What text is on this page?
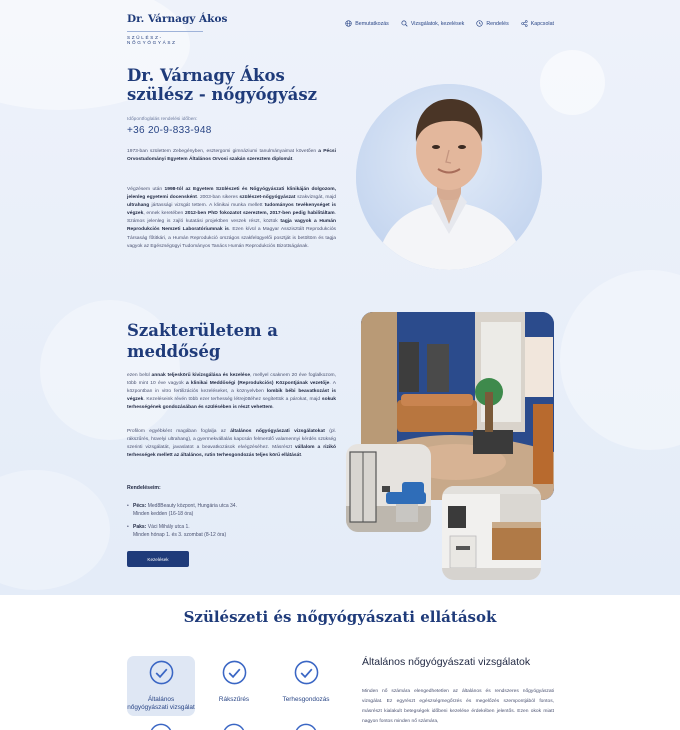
Dr. Várnagy Ákos
SZÜLÉSZ-NŐGYÓGYÁSZ
Bemutatkozás	Vizsgálatok, kezelések	Rendelés	Kapcsolat
Dr. Várnagy Ákos szülész - nőgyógyász
Időpontfoglalás rendelési időben:
+36 20-9-833-948

1973-ban születtem Zebegényben, esztergomi gimnáziumi tanulmányaimat követően a Pécsi Orvostudományi Egyetem Általános Orvosi szakán szereztem diplomát.

Végzésem után 1998-tól az Egyetem Szülészeti és Nőgyógyászati klinikáján dolgozom, jelenleg egyetemi docensként. 2003-ban sikeres szülészet-nőgyógyászat szakvizsgát, majd ultrahang jártassági vizsgát tettem. A klinikai munka mellett tudományos tevékenységet is végzek, ennek keretében 2012-ben PhD fokozatot szereztem, 2017-ben pedig habilitáltam. Számos jelenleg is zajló kutatási projektben veszek részt, köztük tagja vagyok a Humán Reprodukciós Nemzeti Laboratóriumnak is. Ezen kívül a Magyar Asszisztált Reprodukciós Társaság főtitkári, a Humán Reprodukció országos szakfelügyelői posztját is betöltöm és tagja vagyok az Egészségügyi Tudományos Tanács Humán Reprodukciós Bizottságának.

Szakterületem a meddőség

ezen belül annak teljeskörű kivizsgálása és kezelése, mellyel csaknem 20 éve foglalkozom, több mint 10 éve vagyok a klinikai Meddőségi (Reprodukciós) Központjának vezetője. A központban in vitro fertilizációs kezeléseket, a köznyelvben lombik bébi beavatkozást is végzek. Kezeléseink révén több ezer terhesség létrejöttéhez segítettük a párokat, majd sokuk terhességének gondozásában és szülésében is részt vehettem.

Profilom egyébként magában foglalja az általános nőgyógyászati vizsgálatokat (pl. rákszűrés, hüvelyi ultrahang), a gyermekvállalás kapcsán felmerülő valamennyi kérdés szükség szerinti vizsgálatát, javaslatot a beavatkozások elvégzéséhez. Másrészt vállalom a rizikó terhességek mellett az általános, rutin terhesgondozás teljes körű ellátását.

Rendeléseim:
• Pécs: Med8Beauty központ, Hungária utca 34.
Minden kedden (16-18 óra)
• Paks: Váci Mihály utca 1.
Minden hónap 1. és 3. szombat (8-12 óra)
Kezelések
Szülészeti és nőgyógyászati ellátások
Általános nőgyógyászati vizsgálat
Rákszűrés	Terhesgondozás
Általános nőgyógyászati vizsgálatok

Minden nő számára elengedhetetlen az általános és rendszeres nőgyógyászati vizsgálat. Ez egyrészt egészségmegőrzés és megelőzés szempontjából fontos, másrészt kialakult betegségek időbeni kezelése érdekében jelentős. Ezen okok miatt nagyon fontos minden nő számára,
